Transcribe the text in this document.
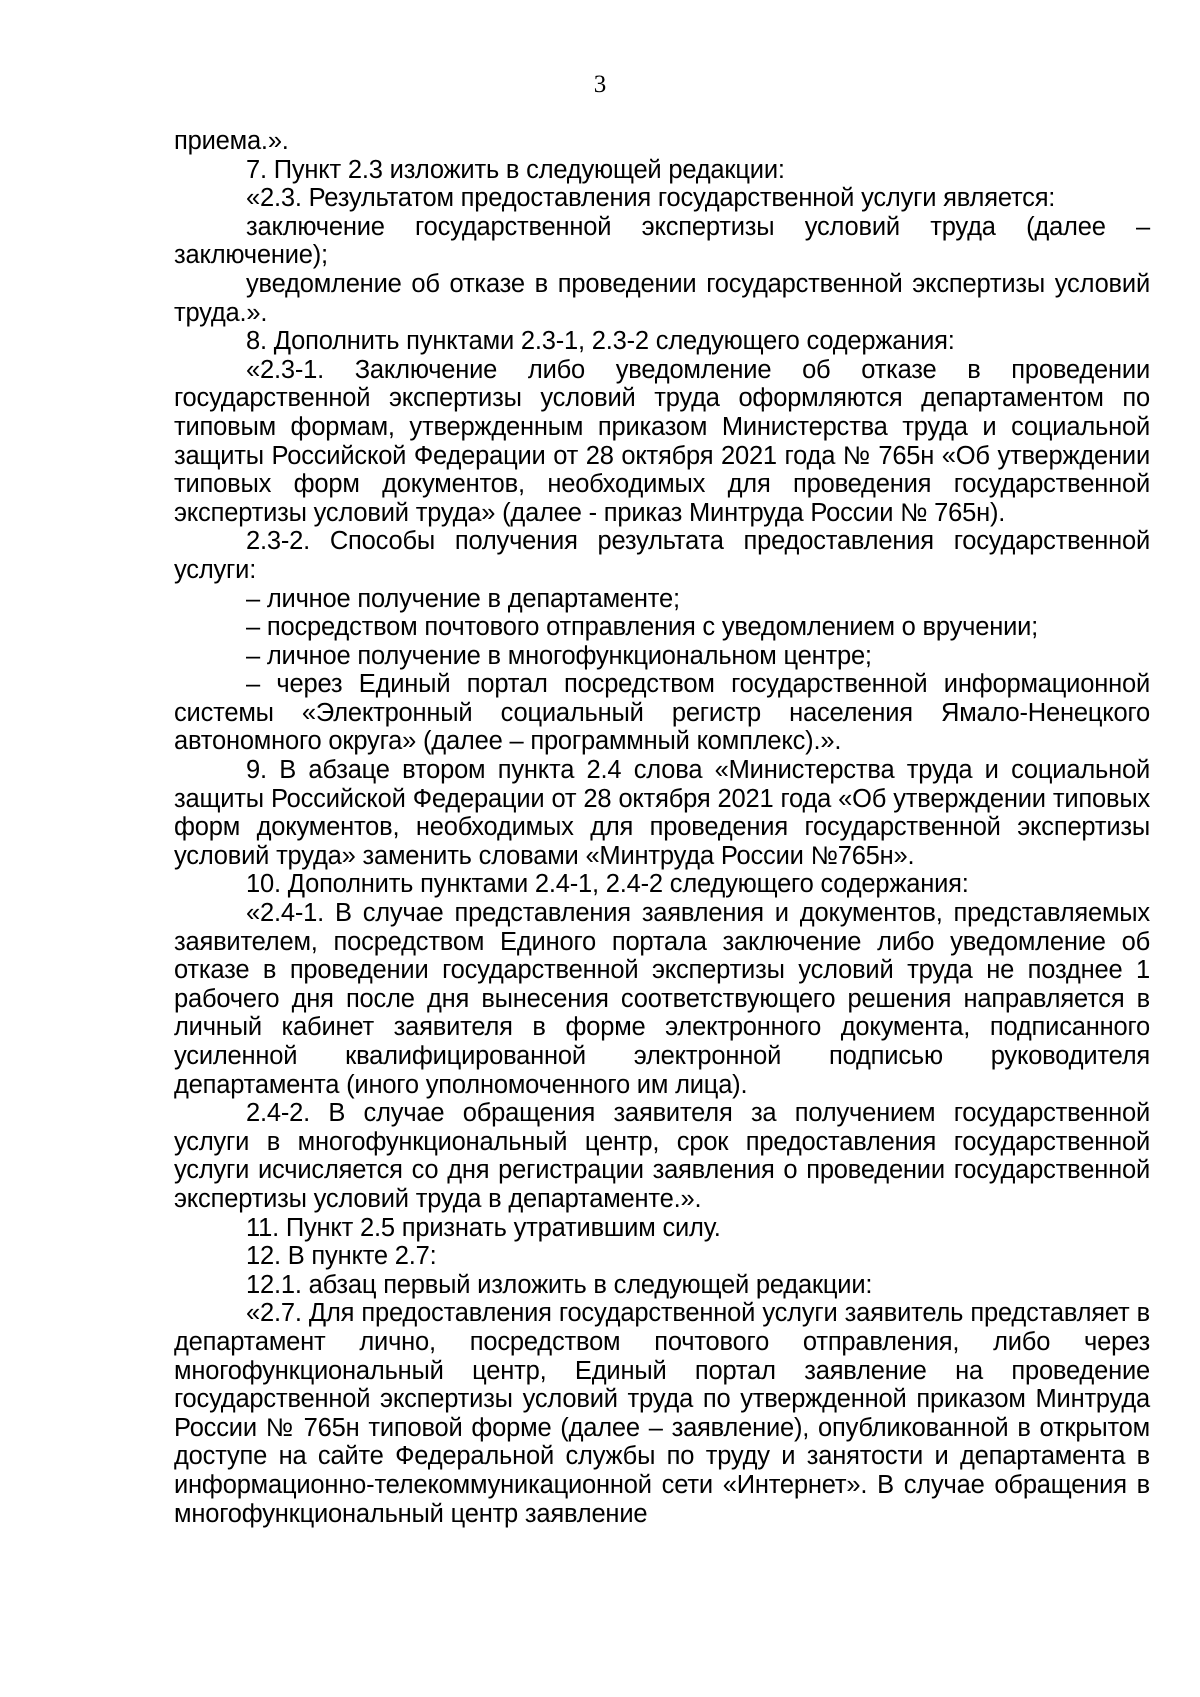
3

приема.».

7. Пункт 2.3 изложить в следующей редакции:

«2.3. Результатом предоставления государственной услуги является:

заключение государственной экспертизы условий труда (далее – заключение);

уведомление об отказе в проведении государственной экспертизы условий труда.».

8. Дополнить пунктами 2.3-1, 2.3-2 следующего содержания:

«2.3-1. Заключение либо уведомление об отказе в проведении государственной экспертизы условий труда оформляются департаментом по типовым формам, утвержденным приказом Министерства труда и социальной защиты Российской Федерации от 28 октября 2021 года № 765н «Об утверждении типовых форм документов, необходимых для проведения государственной экспертизы условий труда» (далее - приказ Минтруда России № 765н).

2.3-2. Способы получения результата предоставления государственной услуги:

– личное получение в департаменте;

– посредством почтового отправления с уведомлением о вручении;

– личное получение в многофункциональном центре;

– через Единый портал посредством государственной информационной системы «Электронный социальный регистр населения Ямало-Ненецкого автономного округа» (далее – программный комплекс).».

9. В абзаце втором пункта 2.4 слова «Министерства труда и социальной защиты Российской Федерации от 28 октября 2021 года «Об утверждении типовых форм документов, необходимых для проведения государственной экспертизы условий труда» заменить словами «Минтруда России №765н».

10. Дополнить пунктами 2.4-1, 2.4-2 следующего содержания:

«2.4-1. В случае представления заявления и документов, представляемых заявителем, посредством Единого портала заключение либо уведомление об отказе в проведении государственной экспертизы условий труда не позднее 1 рабочего дня после дня вынесения соответствующего решения направляется в личный кабинет заявителя в форме электронного документа, подписанного усиленной квалифицированной электронной подписью руководителя департамента (иного уполномоченного им лица).

2.4-2. В случае обращения заявителя за получением государственной услуги в многофункциональный центр, срок предоставления государственной услуги исчисляется со дня регистрации заявления о проведении государственной экспертизы условий труда в департаменте.».

11. Пункт 2.5 признать утратившим силу.

12. В пункте 2.7:

12.1. абзац первый изложить в следующей редакции:

«2.7. Для предоставления государственной услуги заявитель представляет в департамент лично, посредством почтового отправления, либо через многофункциональный центр, Единый портал заявление на проведение государственной экспертизы условий труда по утвержденной приказом Минтруда России № 765н типовой форме (далее – заявление), опубликованной в открытом доступе на сайте Федеральной службы по труду и занятости и департамента в информационно-телекоммуникационной сети «Интернет». В случае обращения в многофункциональный центр заявление
